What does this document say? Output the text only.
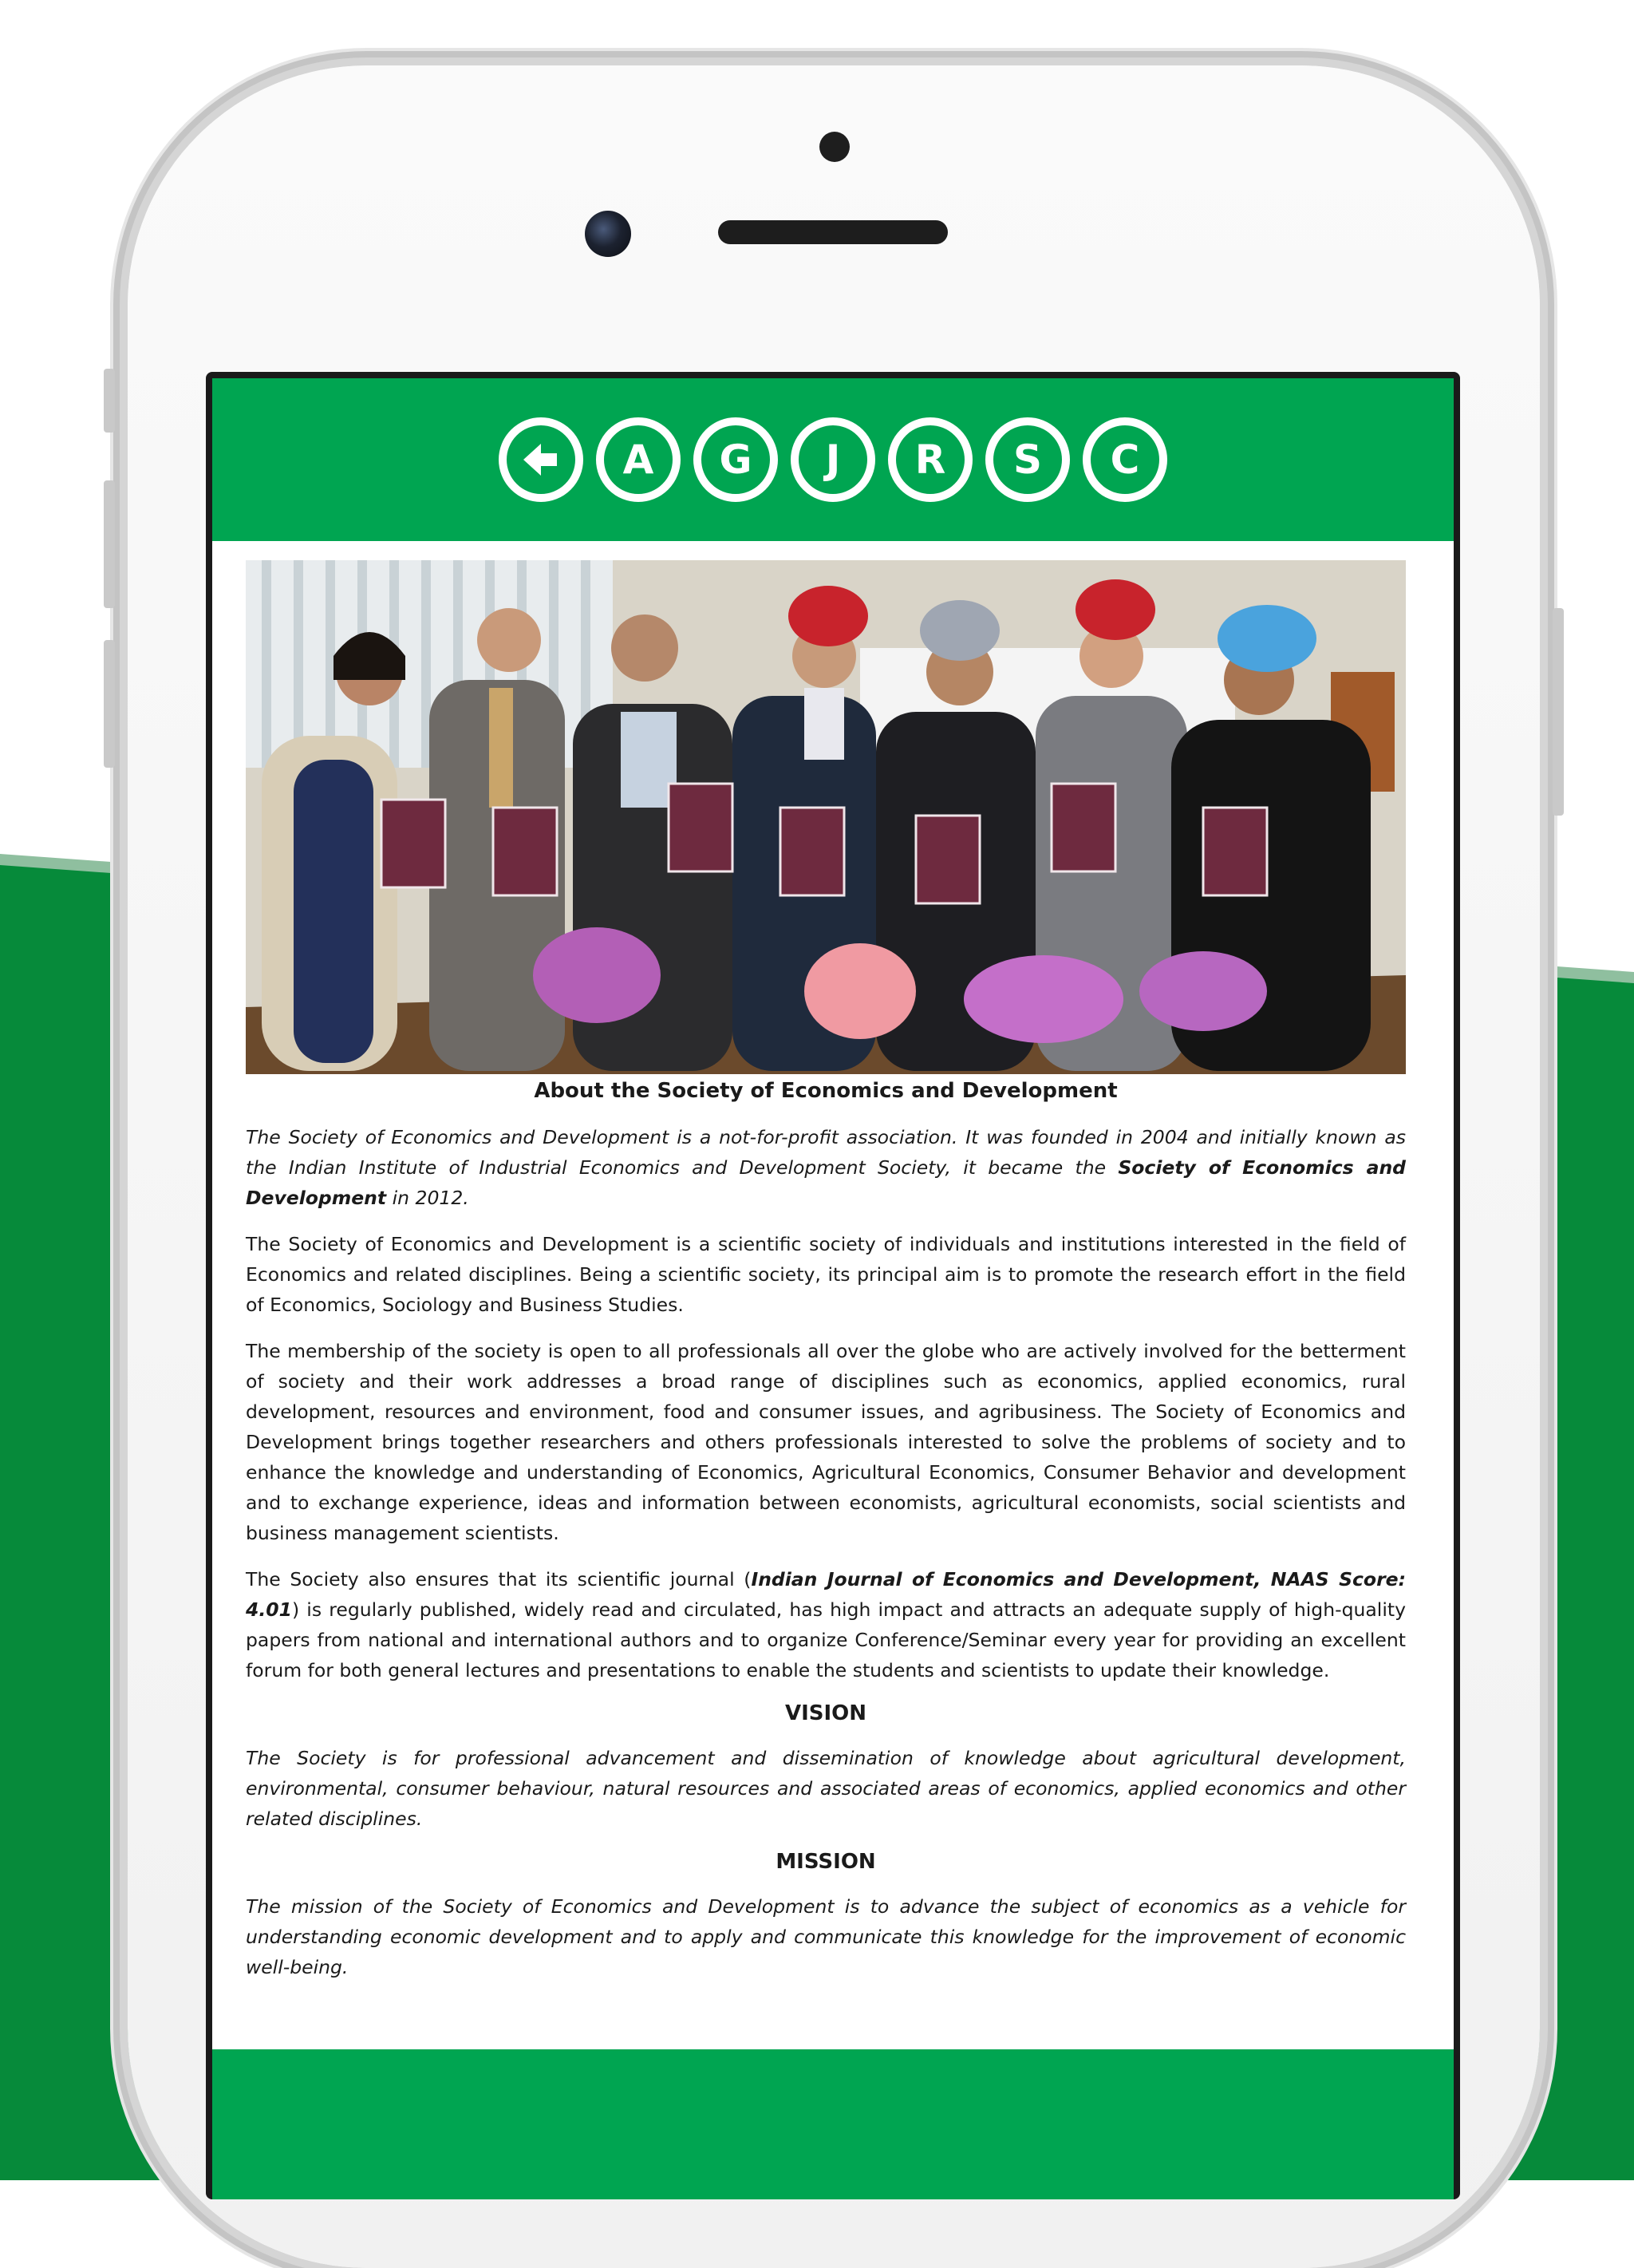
A G J R S C
About the Society of Economics and Development

The Society of Economics and Development is a not-for-profit association. It was founded in 2004 and initially known as the Indian Institute of Industrial Economics and Development Society, it became the Society of Economics and Development in 2012.

The Society of Economics and Development is a scientific society of individuals and institutions interested in the field of Economics and related disciplines. Being a scientific society, its principal aim is to promote the research effort in the field of Economics, Sociology and Business Studies.

The membership of the society is open to all professionals all over the globe who are actively involved for the betterment of society and their work addresses a broad range of disciplines such as economics, applied economics, rural development, resources and environment, food and consumer issues, and agribusiness. The Society of Economics and Development brings together researchers and others professionals interested to solve the problems of society and to enhance the knowledge and understanding of Economics, Agricultural Economics, Consumer Behavior and development and to exchange experience, ideas and information between economists, agricultural economists, social scientists and business management scientists.

The Society also ensures that its scientific journal (Indian Journal of Economics and Development, NAAS Score: 4.01) is regularly published, widely read and circulated, has high impact and attracts an adequate supply of high-quality papers from national and international authors and to organize Conference/Seminar every year for providing an excellent forum for both general lectures and presentations to enable the students and scientists to update their knowledge.

VISION

The Society is for professional advancement and dissemination of knowledge about agricultural development, environmental, consumer behaviour, natural resources and associated areas of economics, applied economics and other related disciplines.

MISSION

The mission of the Society of Economics and Development is to advance the subject of economics as a vehicle for understanding economic development and to apply and communicate this knowledge for the improvement of economic well-being.
